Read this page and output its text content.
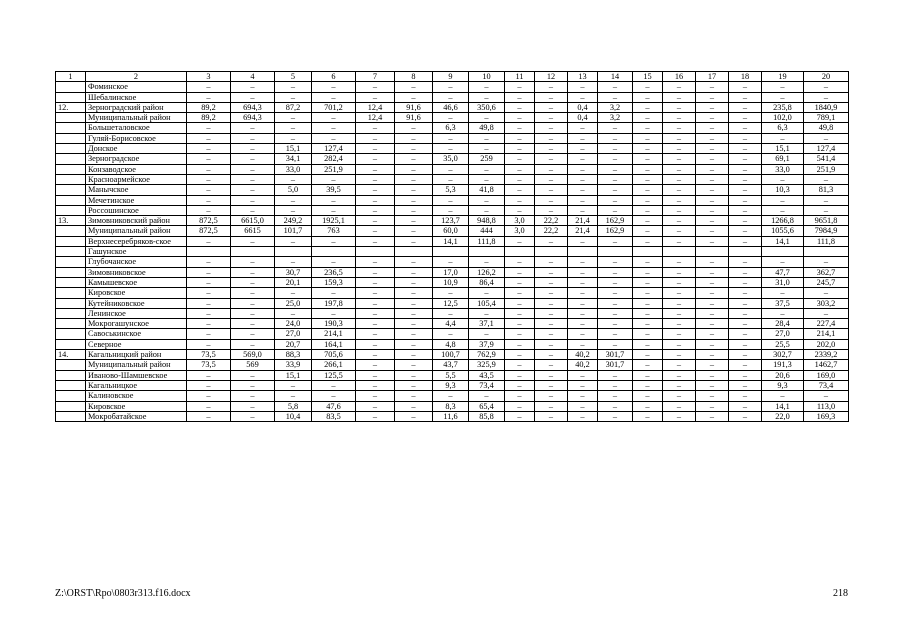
1	2	3	4	5	6	7	8	9	10	11	12	13	14	15	16	17	18	19	20
	Фоминское	–	–	–	–	–	–	–	–	–	–	–	–	–	–	–	–	–	–
	Шебалинское	–	–	–	–	–	–	–	–	–	–	–	–	–	–	–	–	–	–
12.	Зерноградский район	89,2	694,3	87,2	701,2	12,4	91,6	46,6	350,6	–	–	0,4	3,2	–	–	–	–	235,8	1840,9
	Муниципальный район	89,2	694,3	–	–	12,4	91,6	–	–	–	–	0,4	3,2	–	–	–	–	102,0	789,1
	Большеталовское	–	–	–	–	–	–	6,3	49,8	–	–	–	–	–	–	–	–	6,3	49,8
	Гуляй-Борисовское	–	–	–	–	–	–	–	–	–	–	–	–	–	–	–	–	–	–
	Донское	–	–	15,1	127,4	–	–	–	–	–	–	–	–	–	–	–	–	15,1	127,4
	Зерноградское	–	–	34,1	282,4	–	–	35,0	259	–	–	–	–	–	–	–	–	69,1	541,4
	Конзаводское	–	–	33,0	251,9	–	–	–	–	–	–	–	–	–	–	–	–	33,0	251,9
	Красноармейское	–	–	–	–	–	–	–	–	–	–	–	–	–	–	–	–	–	–
	Манычское	–	–	5,0	39,5	–	–	5,3	41,8	–	–	–	–	–	–	–	–	10,3	81,3
	Мечетинское	–	–	–	–	–	–	–	–	–	–	–	–	–	–	–	–	–	–
	Россошинское	–	–	–	–	–	–	–	–	–	–	–	–	–	–	–	–	–	–
13.	Зимовниковский район	872,5	6615,0	249,2	1925,1	–	–	123,7	948,8	3,0	22,2	21,4	162,9	–	–	–	–	1266,8	9651,8
	Муниципальный район	872,5	6615	101,7	763	–	–	60,0	444	3,0	22,2	21,4	162,9	–	–	–	–	1055,6	7984,9
	Верхнесеребряков-ское	–	–	–	–	–	–	14,1	111,8	–	–	–	–	–	–	–	–	14,1	111,8
	Гашунское																		
	Глубочанское	–	–	–	–	–	–	–	–	–	–	–	–	–	–	–	–	–	–
	Зимовниковское	–	–	30,7	236,5	–	–	17,0	126,2	–	–	–	–	–	–	–	–	47,7	362,7
	Камышевское	–	–	20,1	159,3	–	–	10,9	86,4	–	–	–	–	–	–	–	–	31,0	245,7
	Кировское	–	–	–	–	–	–	–	–	–	–	–	–	–	–	–	–	–	–
	Кутейниковское	–	–	25,0	197,8	–	–	12,5	105,4	–	–	–	–	–	–	–	–	37,5	303,2
	Ленинское	–	–	–	–	–	–	–	–	–	–	–	–	–	–	–	–	–	–
	Мокрогашунское	–	–	24,0	190,3	–	–	4,4	37,1	–	–	–	–	–	–	–	–	28,4	227,4
	Савоськинское	–	–	27,0	214,1	–	–	–	–	–	–	–	–	–	–	–	–	27,0	214,1
	Северное	–	–	20,7	164,1	–	–	4,8	37,9	–	–	–	–	–	–	–	–	25,5	202,0
14.	Кагальницкий район	73,5	569,0	88,3	705,6	–	–	100,7	762,9	–	–	40,2	301,7	–	–	–	–	302,7	2339,2
	Муниципальный район	73,5	569	33,9	266,1	–	–	43,7	325,9	–	–	40,2	301,7	–	–	–	–	191,3	1462,7
	Иваново-Шамшевское	–	–	15,1	125,5	–	–	5,5	43,5	–	–	–	–	–	–	–	–	20,6	169,0
	Кагальницкое	–	–	–	–	–	–	9,3	73,4	–	–	–	–	–	–	–	–	9,3	73,4
	Калиновское	–	–	–	–	–	–	–	–	–	–	–	–	–	–	–	–	–	–
	Кировское	–	–	5,8	47,6	–	–	8,3	65,4	–	–	–	–	–	–	–	–	14,1	113,0
	Мокробатайское	–	–	10,4	83,5	–	–	11,6	85,8	–	–	–	–	–	–	–	–	22,0	169,3
Z:\ORST\Rpo\0803r313.f16.docx	218
